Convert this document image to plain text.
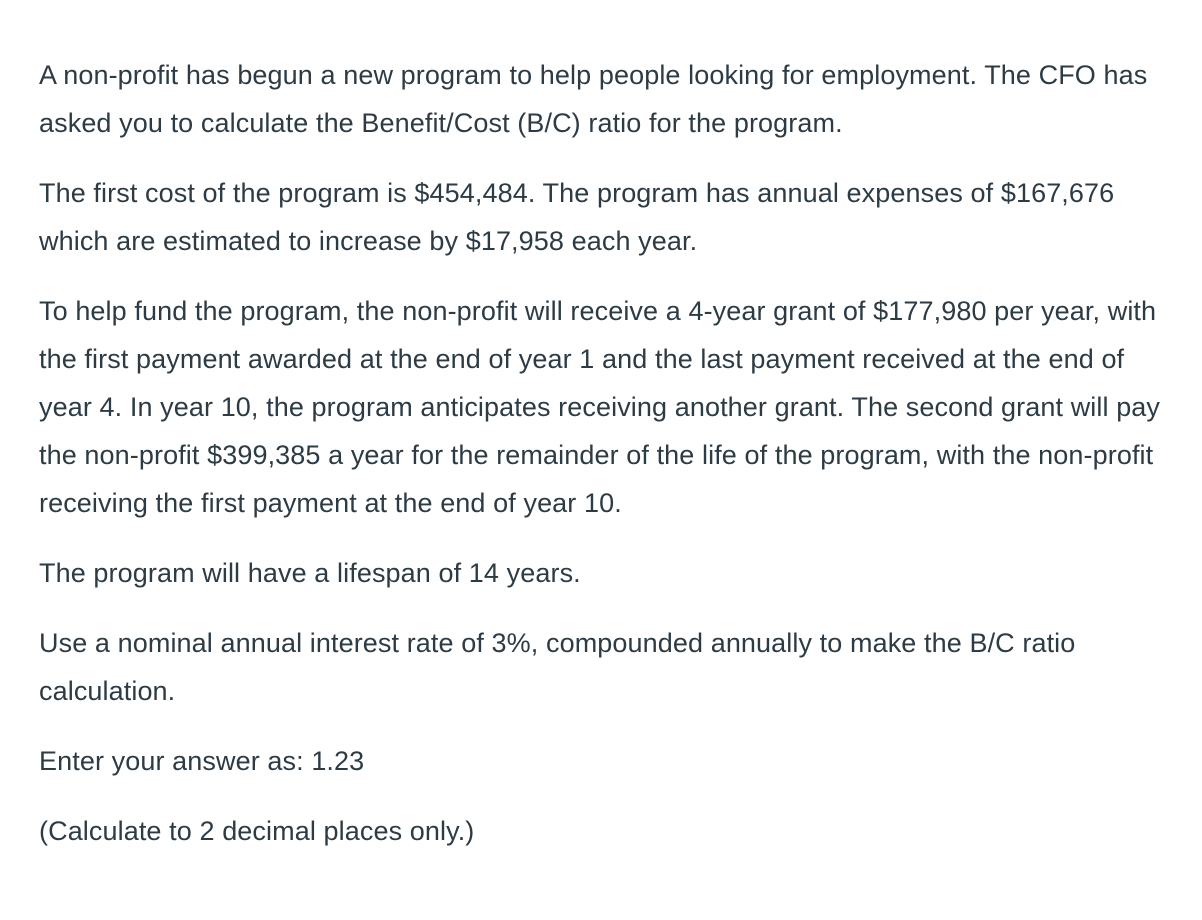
A non-profit has begun a new program to help people looking for employment. The CFO has asked you to calculate the Benefit/Cost (B/C) ratio for the program.

The first cost of the program is $454,484. The program has annual expenses of $167,676 which are estimated to increase by $17,958 each year.

To help fund the program, the non-profit will receive a 4-year grant of $177,980 per year, with the first payment awarded at the end of year 1 and the last payment received at the end of year 4. In year 10, the program anticipates receiving another grant. The second grant will pay the non-profit $399,385 a year for the remainder of the life of the program, with the non-profit receiving the first payment at the end of year 10.

The program will have a lifespan of 14 years.

Use a nominal annual interest rate of 3%, compounded annually to make the B/C ratio calculation.

Enter your answer as: 1.23

(Calculate to 2 decimal places only.)
